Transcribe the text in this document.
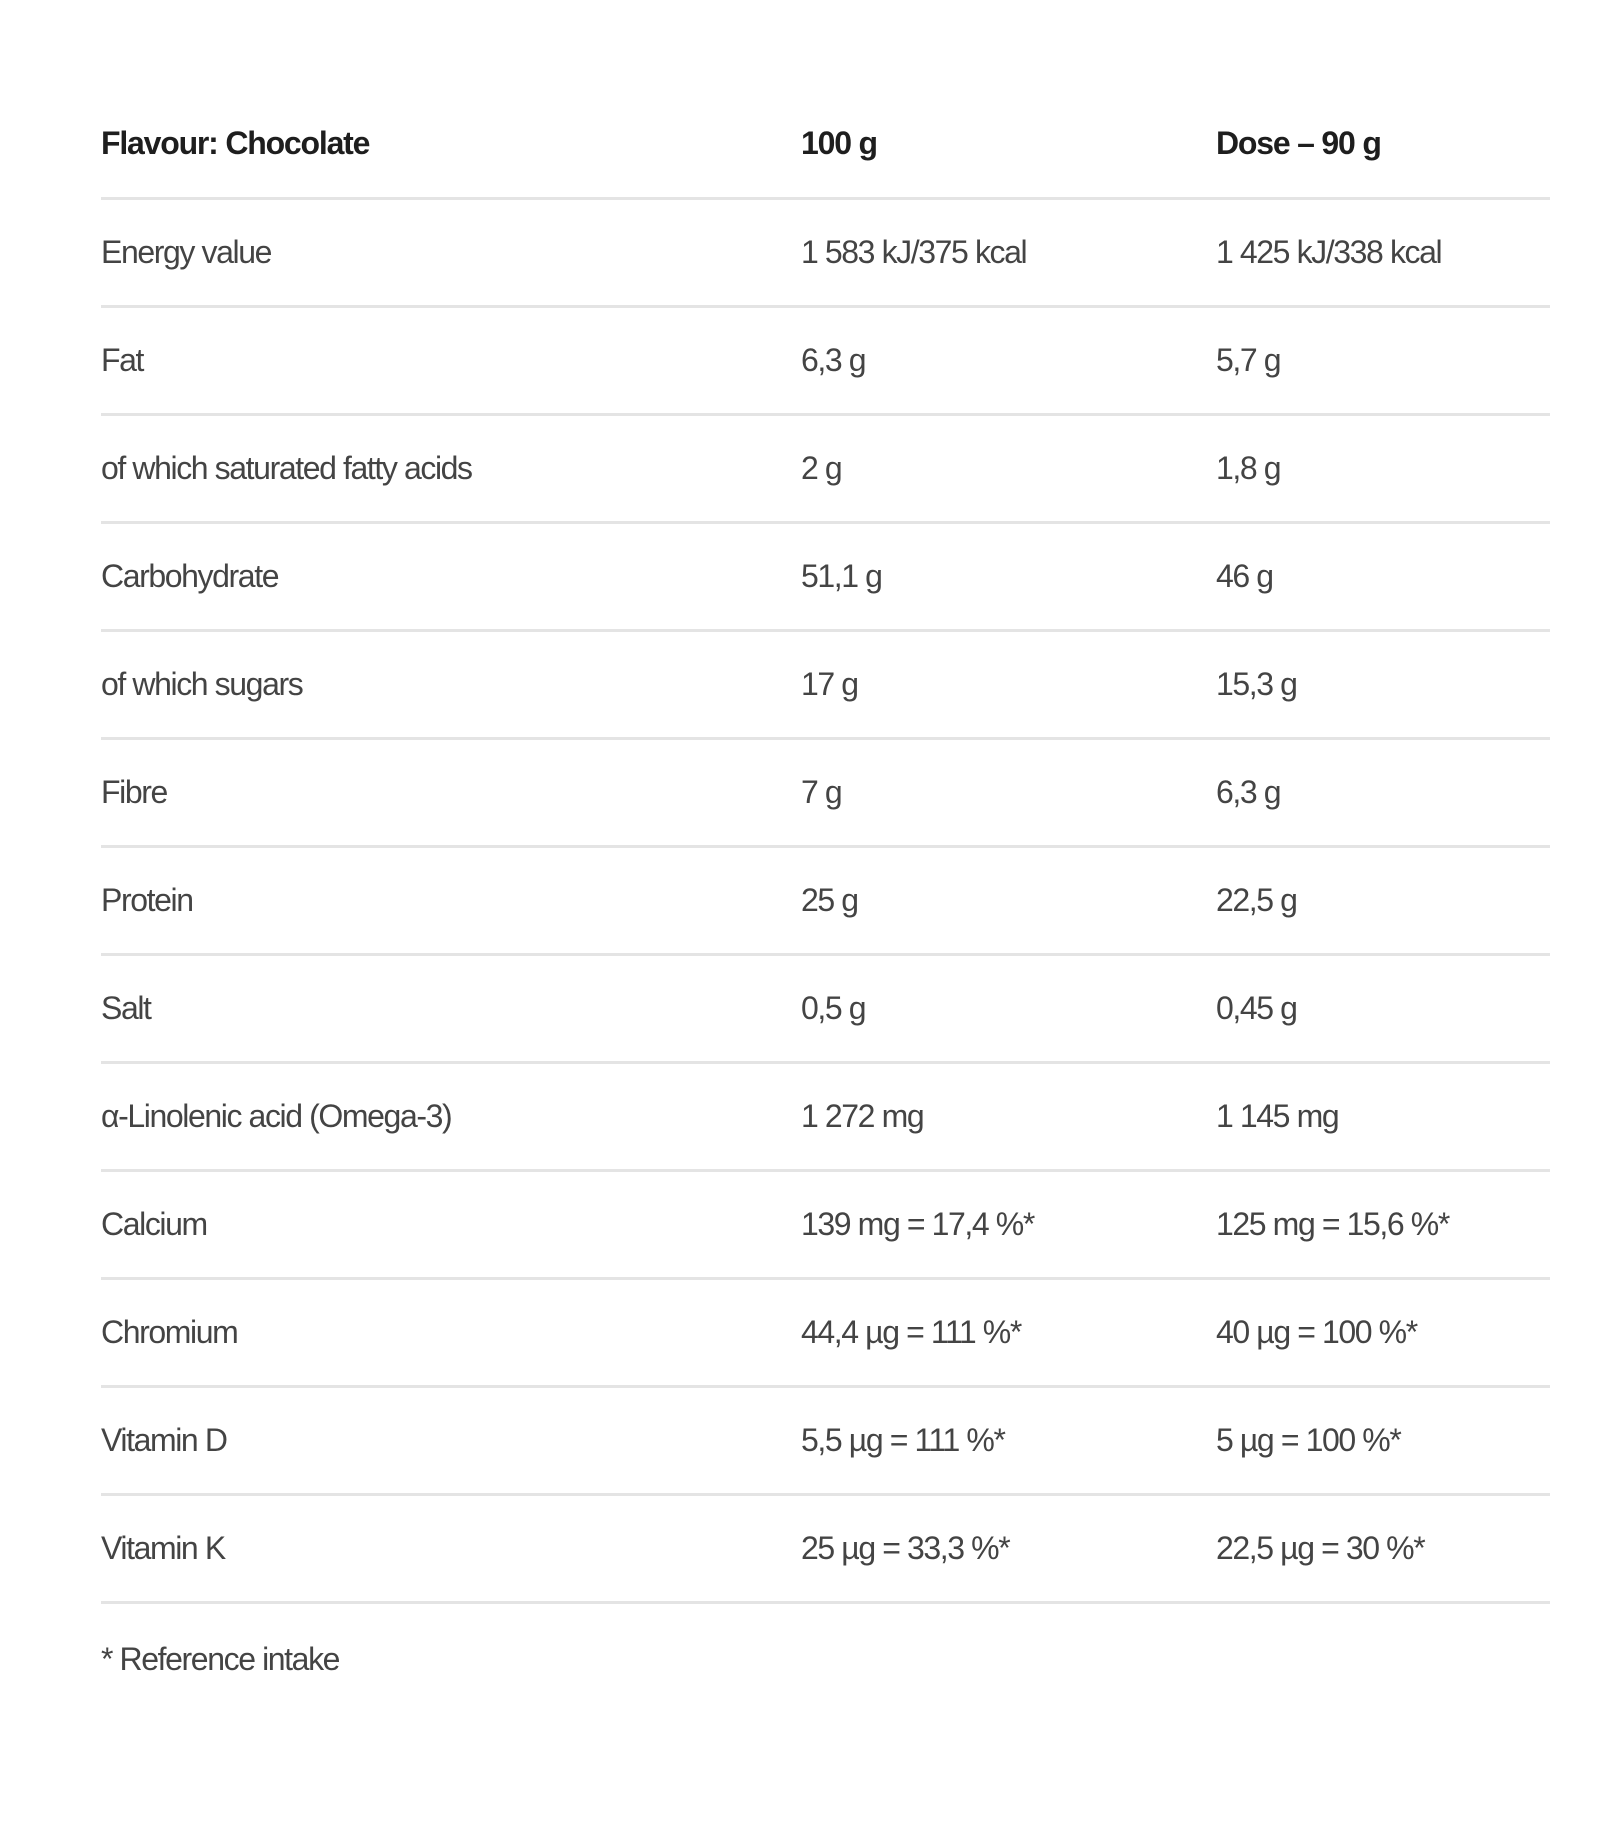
Flavour: Chocolate	100 g	Dose – 90 g
Energy value	1 583 kJ/375 kcal	1 425 kJ/338 kcal
Fat	6,3 g	5,7 g
of which saturated fatty acids	2 g	1,8 g
Carbohydrate	51,1 g	46 g
of which sugars	17 g	15,3 g
Fibre	7 g	6,3 g
Protein	25 g	22,5 g
Salt	0,5 g	0,45 g
α-Linolenic acid (Omega-3)	1 272 mg	1 145 mg
Calcium	139 mg = 17,4 %*	125 mg = 15,6 %*
Chromium	44,4 µg = 111 %*	40 µg = 100 %*
Vitamin D	5,5 µg = 111 %*	5 µg = 100 %*
Vitamin K	25 µg = 33,3 %*	22,5 µg = 30 %*
* Reference intake
